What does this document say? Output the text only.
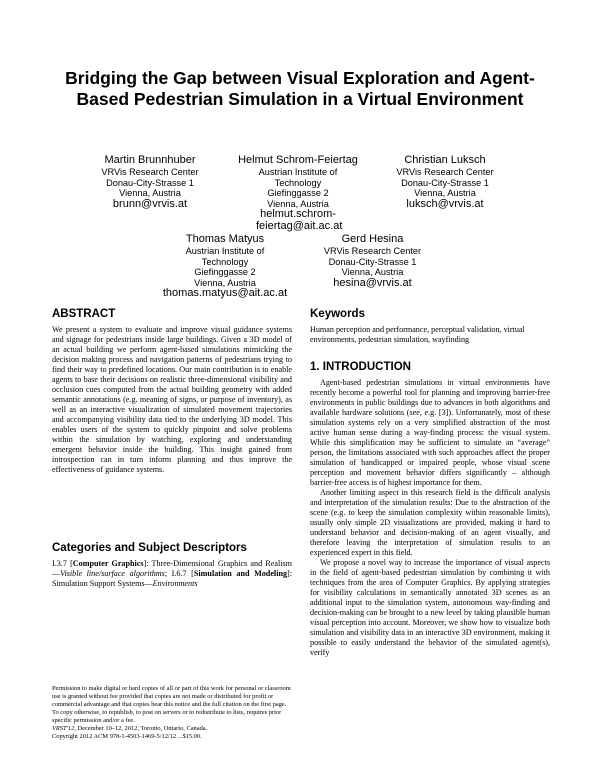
Bridging the Gap between Visual Exploration and Agent-Based Pedestrian Simulation in a Virtual Environment
Martin Brunnhuber
VRVis Research Center
Donau-City-Strasse 1
Vienna, Austria
brunn@vrvis.at
Helmut Schrom-Feiertag
Austrian Institute of Technology
Giefinggasse 2
Vienna, Austria
helmut.schrom-feiertag@ait.ac.at
Christian Luksch
VRVis Research Center
Donau-City-Strasse 1
Vienna, Austria
luksch@vrvis.at
Thomas Matyus
Austrian Institute of Technology
Giefinggasse 2
Vienna, Austria
thomas.matyus@ait.ac.at
Gerd Hesina
VRVis Research Center
Donau-City-Strasse 1
Vienna, Austria
hesina@vrvis.at
ABSTRACT
We present a system to evaluate and improve visual guidance systems and signage for pedestrians inside large buildings. Given a 3D model of an actual building we perform agent-based simulations mimicking the decision making process and navigation patterns of pedestrians trying to find their way to predefined locations. Our main contribution is to enable agents to base their decisions on realistic three-dimensional visibility and occlusion cues computed from the actual building geometry with added semantic annotations (e.g. meaning of signs, or purpose of inventory), as well as an interactive visualization of simulated movement trajectories and accompanying visibility data tied to the underlying 3D model. This enables users of the system to quickly pinpoint and solve problems within the simulation by watching, exploring and understanding emergent behavior inside the building. This insight gained from introspection can in turn inform planning and thus improve the effectiveness of guidance systems.
Categories and Subject Descriptors
I.3.7 [Computer Graphics]: Three-Dimensional Graphics and Realism—Visible line/surface algorithms; I.6.7 [Simulation and Modeling]: Simulation Support Systems—Environments
Permission to make digital or hard copies of all or part of this work for personal or classroom use is granted without fee provided that copies are not made or distributed for profit or commercial advantage and that copies bear this notice and the full citation on the first page. To copy otherwise, to republish, to post on servers or to redistribute to lists, requires prior specific permission and/or a fee.
VRST'12, December 10–12, 2012, Toronto, Ontario, Canada.
Copyright 2012 ACM 978-1-4503-1469-5/12/12 ...$15.00.
Keywords
Human perception and performance, perceptual validation, virtual environments, pedestrian simulation, wayfinding
1. INTRODUCTION
Agent-based pedestrian simulations in virtual environments have recently become a powerful tool for planning and improving barrier-free environments in public buildings due to advances in both algorithms and available hardware solutions (see, e.g. [3]). Unfortunately, most of these simulation systems rely on a very simplified abstraction of the most active human sense during a way-finding process: the visual system. While this simplification may be sufficient to simulate an “average” person, the limitations associated with such approaches affect the proper simulation of handicapped or impaired people, whose visual scene perception and movement behavior differs significantly – although barrier-free access is of highest importance for them.
Another limiting aspect in this research field is the difficult analysis and interpretation of the simulation results: Due to the abstraction of the scene (e.g. to keep the simulation complexity within reasonable limits), usually only simple 2D visualizations are provided, making it hard to understand behavior and decision-making of an agent visually, and therefore leaving the interpretation of simulation results to an experienced expert in this field.
We propose a novel way to increase the importance of visual aspects in the field of agent-based pedestrian simulation by combining it with techniques from the area of Computer Graphics. By applying strategies for visibility calculations in semantically annotated 3D scenes as an additional input to the simulation system, autonomous way-finding and decision-making can be brought to a new level by taking plausible human visual perception into account. Moreover, we show how to visualize both simulation and visibility data in an interactive 3D environment, making it possible to easily understand the behavior of the simulated agent(s), verify
